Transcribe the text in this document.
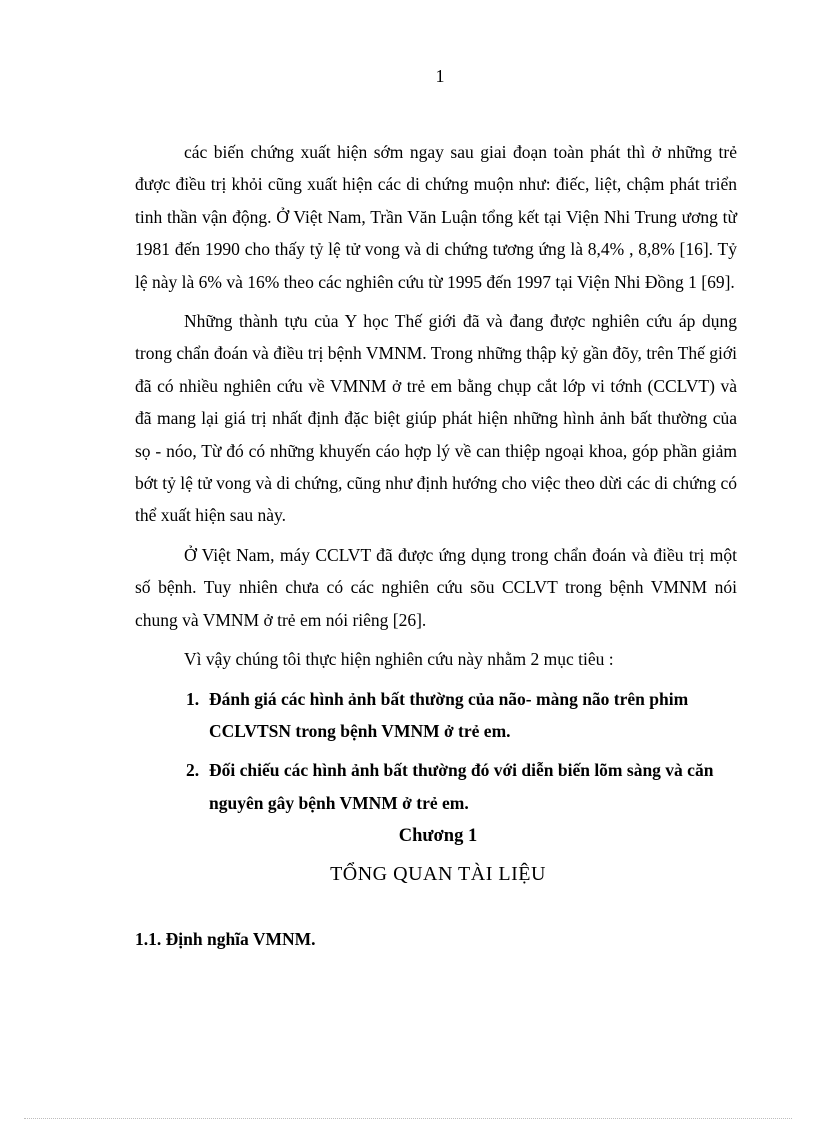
1

các biến chứng xuất hiện sớm ngay sau giai đoạn toàn phát thì ở những trẻ được điều trị khỏi cũng xuất hiện các di chứng muộn như: điếc, liệt, chậm phát triển tinh thần vận động. Ở Việt Nam, Trần Văn Luận tổng kết tại Viện Nhi Trung ương từ 1981 đến 1990 cho thấy tỷ lệ tử vong và di chứng tương ứng là 8,4% , 8,8% [16]. Tỷ lệ này là 6% và 16% theo các nghiên cứu từ 1995 đến 1997 tại Viện Nhi Đồng 1 [69].

Những thành tựu của Y học Thế giới đã và đang được nghiên cứu áp dụng trong chẩn đoán và điều trị bệnh VMNM. Trong những thập kỷ gần đõy, trên Thế giới đã có nhiều nghiên cứu về VMNM ở trẻ em bằng chụp cắt lớp vi tớnh (CCLVT) và đã mang lại giá trị nhất định đặc biệt giúp phát hiện những hình ảnh bất thường của sọ - nóo, Từ đó có những khuyến cáo hợp lý về can thiệp ngoại khoa, góp phần giảm bớt tỷ lệ tử vong và di chứng, cũng như định hướng cho việc theo dừi các di chứng có thể xuất hiện sau này.

Ở Việt Nam, máy CCLVT đã được ứng dụng trong chẩn đoán và điều trị một số bệnh. Tuy nhiên chưa có các nghiên cứu sõu CCLVT trong bệnh VMNM nói chung và VMNM ở trẻ em nói riêng [26].

Vì vậy chúng tôi thực hiện nghiên cứu này nhằm 2 mục tiêu :

1. Đánh giá các hình ảnh bất thường của não- màng não trên phim CCLVTSN trong bệnh VMNM ở trẻ em.
2. Đối chiếu các hình ảnh bất thường đó với diễn biến lõm sàng và căn nguyên gây bệnh VMNM ở trẻ em.
Chương 1
TỔNG QUAN TÀI LIỆU
1.1. Định nghĩa VMNM.
